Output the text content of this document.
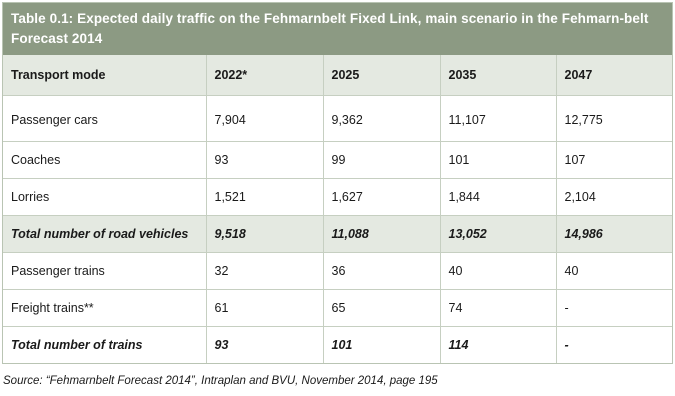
Table 0.1: Expected daily traffic on the Fehmarnbelt Fixed Link, main scenario in the Fehmarn-belt Forecast 2014
Transport mode	2022*	2025	2035	2047
Passenger cars	7,904	9,362	11,107	12,775
Coaches	93	99	101	107
Lorries	1,521	1,627	1,844	2,104
Total number of road vehicles	9,518	11,088	13,052	14,986
Passenger trains	32	36	40	40
Freight trains**	61	65	74	-
Total number of trains	93	101	114	-
Source: “Fehmarnbelt Forecast 2014”, Intraplan and BVU, November 2014, page 195
